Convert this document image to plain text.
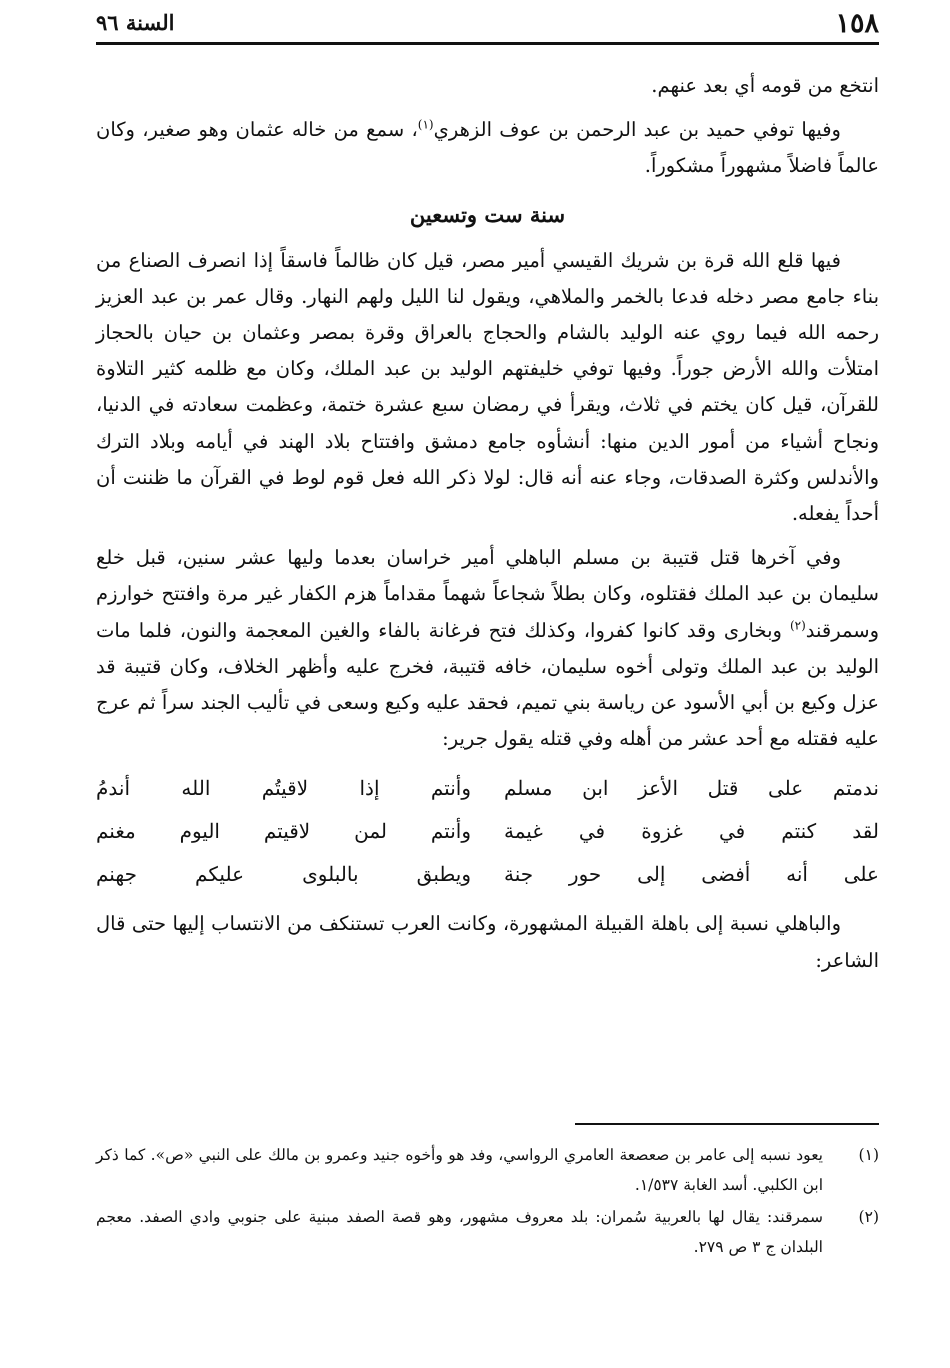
١٥٨
السنة ٩٦

انتخع من قومه أي بعد عنهم.

وفيها توفي حميد بن عبد الرحمن بن عوف الزهري$^{(١)}$، سمع من خاله عثمان وهو صغير، وكان عالماً فاضلاً مشهوراً مشكوراً.

سنة ست وتسعين

فيها قلع الله قرة بن شريك القيسي أمير مصر، قيل كان ظالماً فاسقاً إذا انصرف الصناع من بناء جامع مصر دخله فدعا بالخمر والملاهي، ويقول لنا الليل ولهم النهار. وقال عمر بن عبد العزيز رحمه الله فيما روي عنه الوليد بالشام والحجاج بالعراق وقرة بمصر وعثمان بن حيان بالحجاز امتلأت والله الأرض جوراً. وفيها توفي خليفتهم الوليد بن عبد الملك، وكان مع ظلمه كثير التلاوة للقرآن، قيل كان يختم في ثلاث، ويقرأ في رمضان سبع عشرة ختمة، وعظمت سعادته في الدنيا، ونجاح أشياء من أمور الدين منها: أنشأوه جامع دمشق وافتتاح بلاد الهند في أيامه وبلاد الترك والأندلس وكثرة الصدقات، وجاء عنه أنه قال: لولا ذكر الله فعل قوم لوط في القرآن ما ظننت أن أحداً يفعله.

وفي آخرها قتل قتيبة بن مسلم الباهلي أمير خراسان بعدما وليها عشر سنين، قبل خلع سليمان بن عبد الملك فقتلوه، وكان بطلاً شجاعاً شهماً مقداماً هزم الكفار غير مرة وافتتح خوارزم وسمرقند$^{(٢)}$ وبخارى وقد كانوا كفروا، وكذلك فتح فرغانة بالفاء والغين المعجمة والنون، فلما مات الوليد بن عبد الملك وتولى أخوه سليمان، خافه قتيبة، فخرج عليه وأظهر الخلاف، وكان قتيبة قد عزل وكيع بن أبي الأسود عن رياسة بني تميم، فحقد عليه وكيع وسعى في تأليب الجند سراً ثم عرج عليه فقتله مع أحد عشر من أهله وفي قتله يقول جرير:

ندمتم على قتل الأعز ابن مسلم
وأنتم إذا لاقيتُم الله أندمُ
لقد كنتم في غزوة في غيمة
وأنتم لمن لاقيتم اليوم مغنم
على أنه أفضى إلى حور جنة
ويطبق بالبلوى عليكم جهنم

والباهلي نسبة إلى باهلة القبيلة المشهورة، وكانت العرب تستنكف من الانتساب إليها حتى قال الشاعر:

(١)
يعود نسبه إلى عامر بن صعصعة العامري الرواسي، وفد هو وأخوه جنيد وعمرو بن مالك على النبي «ص». كما ذكر ابن الكلبي. أسد الغابة ١/٥٣٧.
(٢)
سمرقند: يقال لها بالعربية سُمران: بلد معروف مشهور، وهو قصة الصفد مبنية على جنوبي وادي الصفد. معجم البلدان ج ٣ ص ٢٧٩.
